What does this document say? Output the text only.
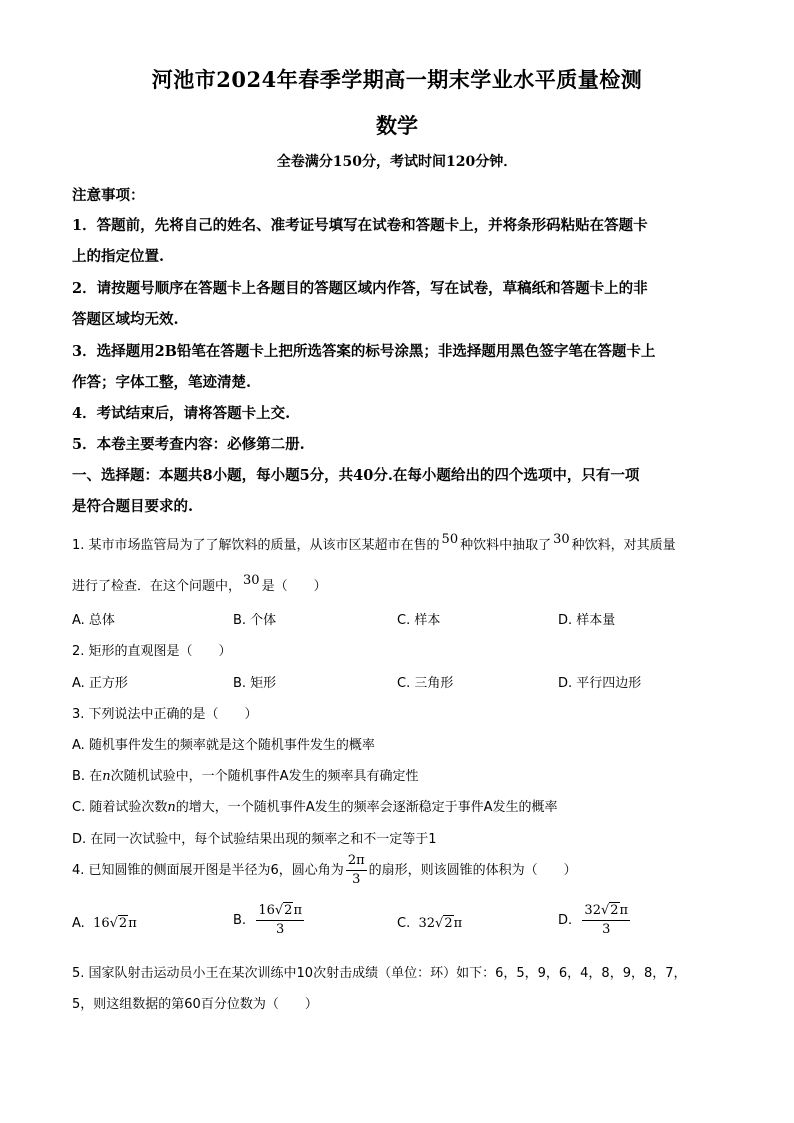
河池市2024年春季学期高一期末学业水平质量检测
数学
全卷满分150分，考试时间120分钟．
注意事项：
1．答题前，先将自己的姓名、准考证号填写在试卷和答题卡上，并将条形码粘贴在答题卡
上的指定位置.
2．请按题号顺序在答题卡上各题目的答题区域内作答，写在试卷，草稿纸和答题卡上的非
答题区域均无效.
3．选择题用2B铅笔在答题卡上把所选答案的标号涂黑；非选择题用黑色签字笔在答题卡上
作答；字体工整，笔迹清楚.
4．考试结束后，请将答题卡上交.
5．本卷主要考查内容：必修第二册.
一、选择题：本题共8小题，每小题5分，共40分.在每小题给出的四个选项中，只有一项
是符合题目要求的.
1. 某市市场监管局为了了解饮料的质量，从该市区某超市在售的 50 种饮料中抽取了 30 种饮料，对其质量
进行了检查．在这个问题中， 30 是（　　）
A. 总体	B. 个体	C. 样本	D. 样本量
2. 矩形的直观图是（　　）
A. 正方形	B. 矩形	C. 三角形	D. 平行四边形
3. 下列说法中正确的是（　　）
A. 随机事件发生的频率就是这个随机事件发生的概率
B. 在n次随机试验中，一个随机事件A发生的频率具有确定性
C. 随着试验次数n的增大，一个随机事件A发生的频率会逐渐稳定于事件A发生的概率
D. 在同一次试验中，每个试验结果出现的频率之和不一定等于1
4. 已知圆锥的侧面展开图是半径为6，圆心角为 $\frac{2\pi}{3}$ 的扇形，则该圆锥的体积为（　　）
A. 16√2π	B. $\frac{16√2\pi}{3}$	C. 32√2π	D. $\frac{32√2\pi}{3}$
5. 国家队射击运动员小王在某次训练中10次射击成绩（单位：环）如下：6，5，9，6，4，8，9，8，7，
5，则这组数据的第60百分位数为（　　）
